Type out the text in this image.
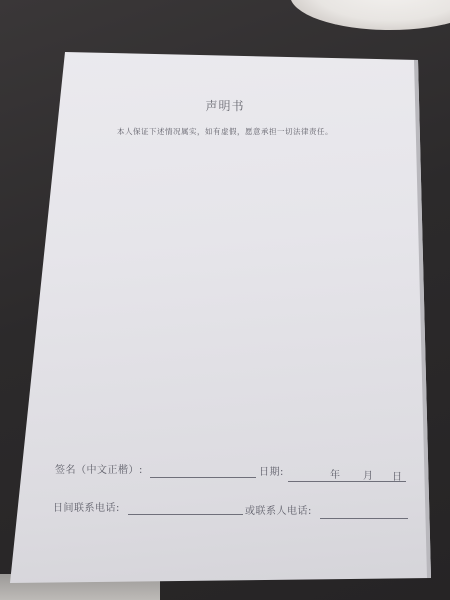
声明书
本人保证下述情况属实，如有虚假，愿意承担一切法律责任。
签名（中文正楷）:	日期:	年 月 日
日间联系电话:	或联系人电话:
